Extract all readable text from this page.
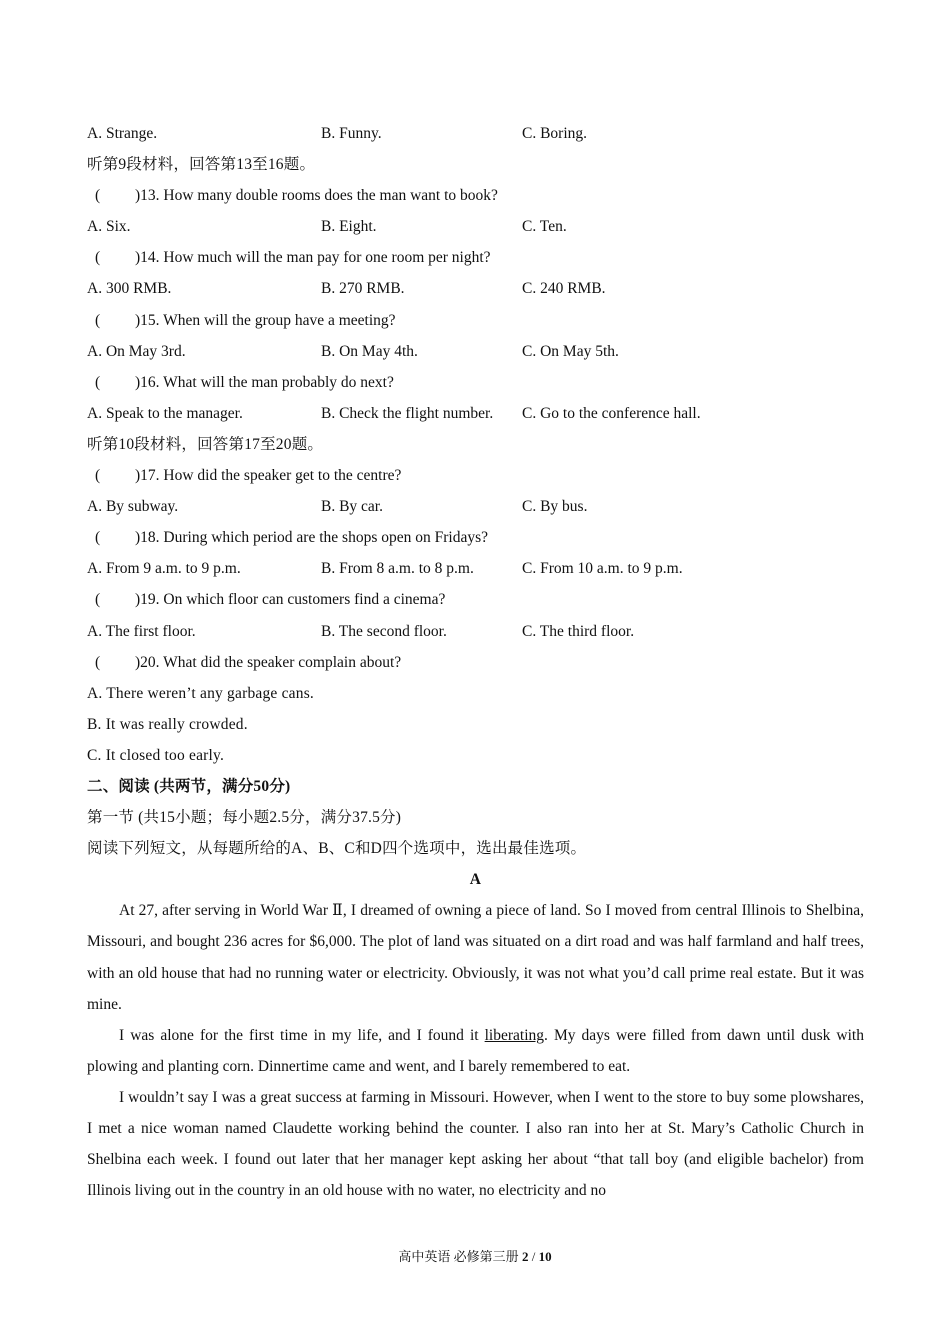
A. Strange.	B. Funny.	C. Boring.
听第9段材料，回答第13至16题。
( )13. How many double rooms does the man want to book?
A. Six.	B. Eight.	C. Ten.
( )14. How much will the man pay for one room per night?
A. 300 RMB.	B. 270 RMB.	C. 240 RMB.
( )15. When will the group have a meeting?
A. On May 3rd.	B. On May 4th.	C. On May 5th.
( )16. What will the man probably do next?
A. Speak to the manager.	B. Check the flight number. C. Go to the conference hall.
听第10段材料，回答第17至20题。
( )17. How did the speaker get to the centre?
A. By subway.	B. By car.	C. By bus.
( )18. During which period are the shops open on Fridays?
A. From 9 a.m. to 9 p.m.	B. From 8 a.m. to 8 p.m.	C. From 10 a.m. to 9 p.m.
( )19. On which floor can customers find a cinema?
A. The first floor.	B. The second floor.	C. The third floor.
( )20. What did the speaker complain about?
A. There weren’t any garbage cans.
B. It was really crowded.
C. It closed too early.
二、阅读 (共两节，满分50分)
第一节 (共15小题；每小题2.5分，满分37.5分)
阅读下列短文，从每题所给的A、B、C和D四个选项中，选出最佳选项。
A

At 27, after serving in World War Ⅱ, I dreamed of owning a piece of land. So I moved from central Illinois to Shelbina, Missouri, and bought 236 acres for $6,000. The plot of land was situated on a dirt road and was half farmland and half trees, with an old house that had no running water or electricity. Obviously, it was not what you’d call prime real estate. But it was mine.

I was alone for the first time in my life, and I found it liberating. My days were filled from dawn until dusk with plowing and planting corn. Dinnertime came and went, and I barely remembered to eat.

I wouldn’t say I was a great success at farming in Missouri. However, when I went to the store to buy some plowshares, I met a nice woman named Claudette working behind the counter. I also ran into her at St. Mary’s Catholic Church in Shelbina each week. I found out later that her manager kept asking her about “that tall boy (and eligible bachelor) from Illinois living out in the country in an old house with no water, no electricity and no

高中英语 必修第三册 2 / 10
